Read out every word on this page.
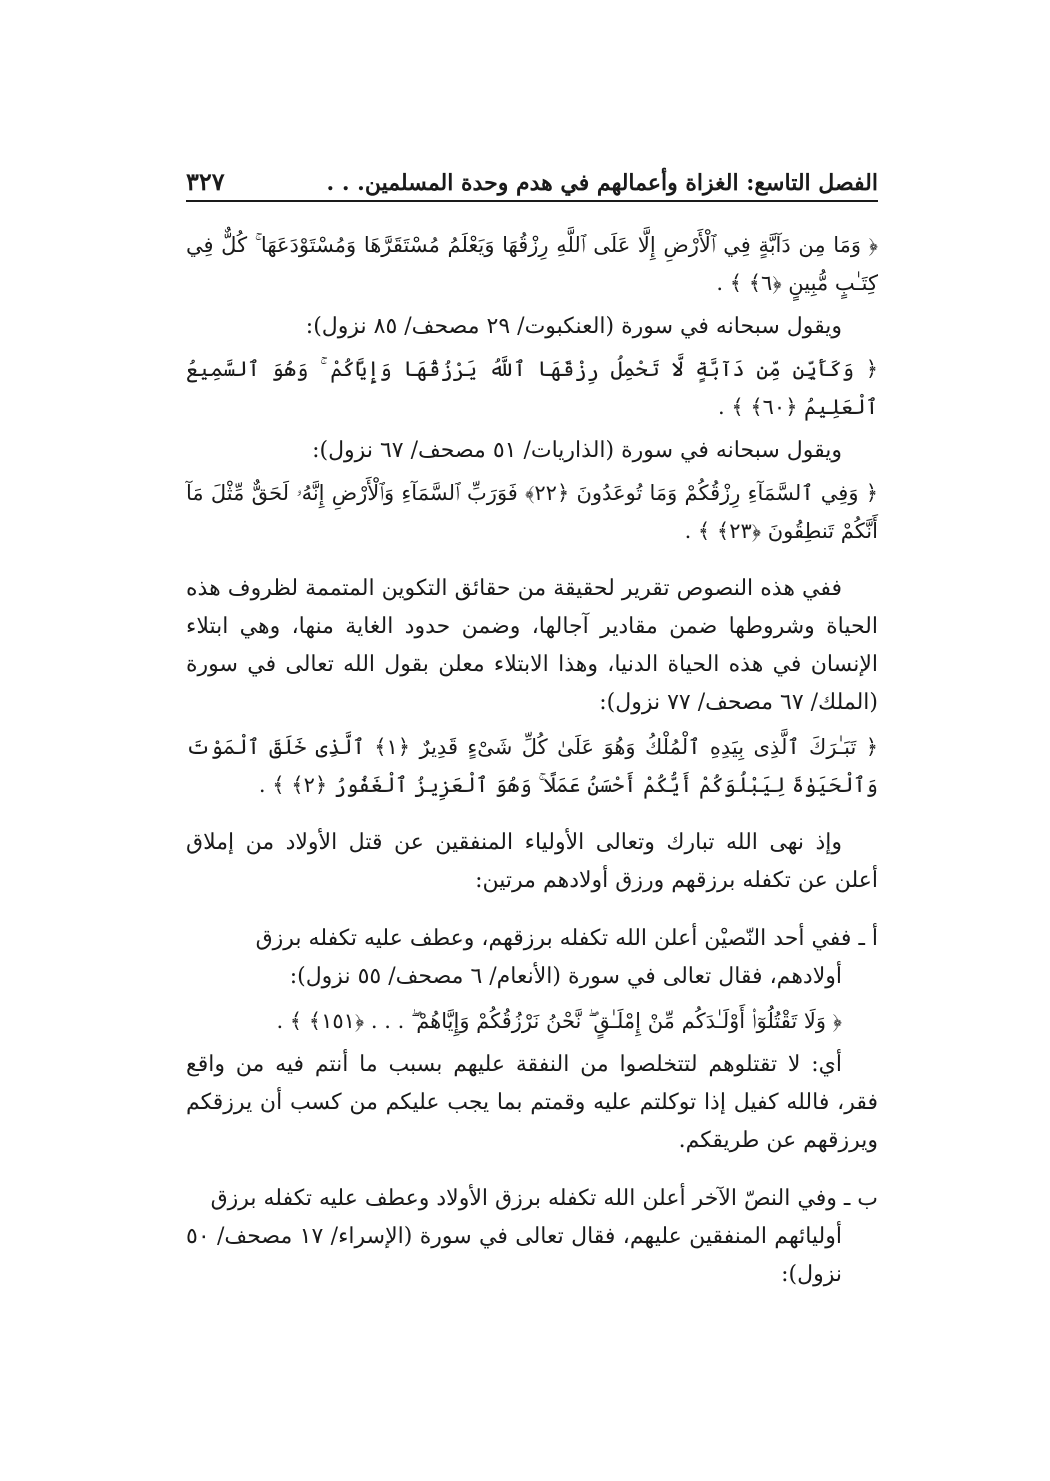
الفصل التاسع: الغزاة وأعمالهم في هدم وحدة المسلمين. . .
٣٢٧
﴿ وَمَا مِن دَآبَّةٍ فِي ٱلْأَرْضِ إِلَّا عَلَى ٱللَّهِ رِزْقُهَا وَيَعْلَمُ مُسْتَقَرَّهَا وَمُسْتَوْدَعَهَا ۚ كُلٌّ فِي كِتَـٰبٍ مُّبِينٍ ﴿٦﴾ ﴾ .
ويقول سبحانه في سورة (العنكبوت/ ٢٩ مصحف/ ٨٥ نزول):
﴿ وَكَأَيِّن مِّن دَآبَّةٍ لَّا تَحْمِلُ رِزْقَهَا ٱللَّهُ يَرْزُقُهَا وَإِيَّاكُمْ ۚ وَهُوَ ٱلسَّمِيعُ ٱلْعَلِيمُ ﴿٦٠﴾ ﴾ .
ويقول سبحانه في سورة (الذاريات/ ٥١ مصحف/ ٦٧ نزول):
﴿ وَفِي ٱلسَّمَآءِ رِزْقُكُمْ وَمَا تُوعَدُونَ ﴿٢٢﴾ فَوَرَبِّ ٱلسَّمَآءِ وَٱلْأَرْضِ إِنَّهُۥ لَحَقٌّ مِّثْلَ مَآ أَنَّكُمْ تَنطِقُونَ ﴿٢٣﴾ ﴾ .
ففي هذه النصوص تقرير لحقيقة من حقائق التكوين المتممة لظروف هذه الحياة وشروطها ضمن مقادير آجالها، وضمن حدود الغاية منها، وهي ابتلاء الإنسان في هذه الحياة الدنيا، وهذا الابتلاء معلن بقول الله تعالى في سورة (الملك/ ٦٧ مصحف/ ٧٧ نزول):
﴿ تَبَـٰرَكَ ٱلَّذِى بِيَدِهِ ٱلْمُلْكُ وَهُوَ عَلَىٰ كُلِّ شَىْءٍ قَدِيرٌ ﴿١﴾ ٱلَّذِى خَلَقَ ٱلْمَوْتَ وَٱلْحَيَوٰةَ لِيَبْلُوَكُمْ أَيُّكُمْ أَحْسَنُ عَمَلًا ۚ وَهُوَ ٱلْعَزِيزُ ٱلْغَفُورُ ﴿٢﴾ ﴾ .
وإذ نهى الله تبارك وتعالى الأولياء المنفقين عن قتل الأولاد من إملاق أعلن عن تكفله برزقهم ورزق أولادهم مرتين:
أ ـ ففي أحد النّصيْن أعلن الله تكفله برزقهم، وعطف عليه تكفله برزق
أولادهم، فقال تعالى في سورة (الأنعام/ ٦ مصحف/ ٥٥ نزول):
﴿ وَلَا تَقْتُلُوٓا۟ أَوْلَـٰدَكُم مِّنْ إِمْلَـٰقٍ ۖ نَّحْنُ نَرْزُقُكُمْ وَإِيَّاهُمْ ۖ . . . ﴿١٥١﴾ ﴾ .
أي: لا تقتلوهم لتتخلصوا من النفقة عليهم بسبب ما أنتم فيه من واقع فقر، فالله كفيل إذا توكلتم عليه وقمتم بما يجب عليكم من كسب أن يرزقكم ويرزقهم عن طريقكم.
ب ـ وفي النصّ الآخر أعلن الله تكفله برزق الأولاد وعطف عليه تكفله برزق
أوليائهم المنفقين عليهم، فقال تعالى في سورة (الإسراء/ ١٧ مصحف/ ٥٠ نزول):
